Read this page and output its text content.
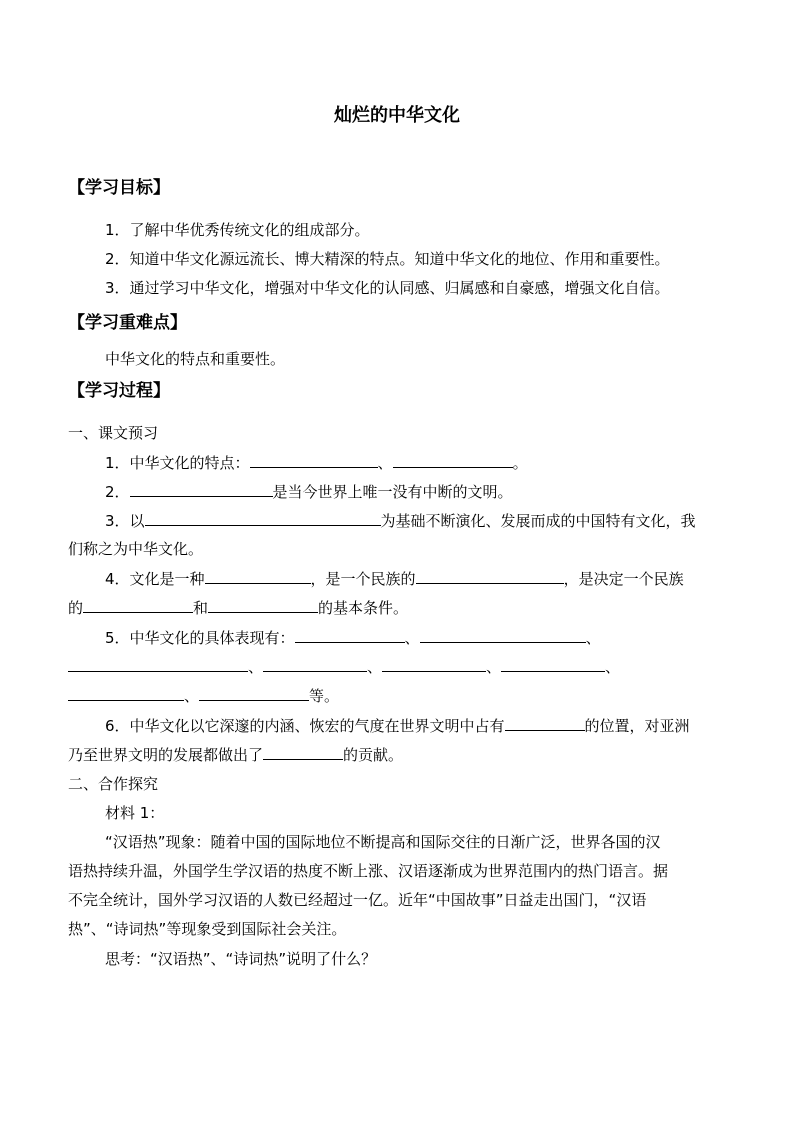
灿烂的中华文化
【学习目标】
1．了解中华优秀传统文化的组成部分。
2．知道中华文化源远流长、博大精深的特点。知道中华文化的地位、作用和重要性。
3．通过学习中华文化，增强对中华文化的认同感、归属感和自豪感，增强文化自信。
【学习重难点】
中华文化的特点和重要性。
【学习过程】
一、课文预习
1．中华文化的特点：	、	。
2．	是当今世界上唯一没有中断的文明。
3．以	为基础不断演化、发展而成的中国特有文化，我
们称之为中华文化。
4．文化是一种	，是一个民族的	，是决定一个民族
的	和	的基本条件。
5．中华文化的具体表现有：	、	、
、	、	、	、
、	等。
6．中华文化以它深邃的内涵、恢宏的气度在世界文明中占有	的位置，对亚洲
乃至世界文明的发展都做出了	的贡献。
二、合作探究
材料 1：
“汉语热”现象：随着中国的国际地位不断提高和国际交往的日渐广泛，世界各国的汉
语热持续升温，外国学生学汉语的热度不断上涨、汉语逐渐成为世界范围内的热门语言。据
不完全统计，国外学习汉语的人数已经超过一亿。近年“中国故事”日益走出国门，“汉语
热”、“诗词热”等现象受到国际社会关注。
思考：“汉语热”、“诗词热”说明了什么？
